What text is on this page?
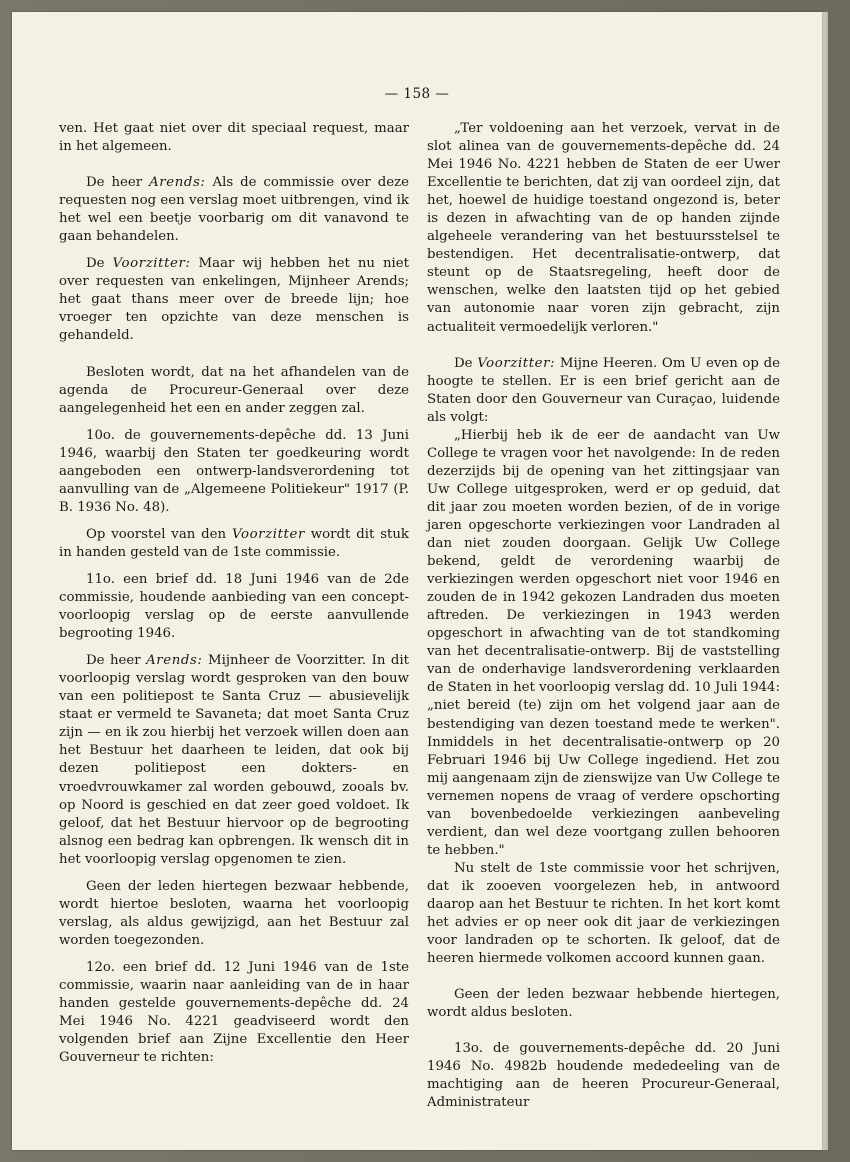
— 158 —

ven. Het gaat niet over dit speciaal request, maar in het algemeen.

De heer Arends: Als de commissie over deze requesten nog een verslag moet uitbrengen, vind ik het wel een beetje voorbarig om dit vanavond te gaan behandelen.

De Voorzitter: Maar wij hebben het nu niet over requesten van enkelingen, Mijnheer Arends; het gaat thans meer over de breede lijn; hoe vroeger ten opzichte van deze menschen is gehandeld.

Besloten wordt, dat na het afhandelen van de agenda de Procureur-Generaal over deze aangelegenheid het een en ander zeggen zal.

10o. de gouvernements-depêche dd. 13 Juni 1946, waarbij den Staten ter goedkeuring wordt aangeboden een ontwerp-landsverordening tot aanvulling van de „Algemeene Politiekeur" 1917 (P. B. 1936 No. 48).

Op voorstel van den Voorzitter wordt dit stuk in handen gesteld van de 1ste commissie.

11o. een brief dd. 18 Juni 1946 van de 2de commissie, houdende aanbieding van een concept-voorloopig verslag op de eerste aanvullende begrooting 1946.

De heer Arends: Mijnheer de Voorzitter. In dit voorloopig verslag wordt gesproken van den bouw van een politiepost te Santa Cruz — abusievelijk staat er vermeld te Savaneta; dat moet Santa Cruz zijn — en ik zou hierbij het verzoek willen doen aan het Bestuur het daarheen te leiden, dat ook bij dezen politiepost een dokters- en vroedvrouwkamer zal worden gebouwd, zooals bv. op Noord is geschied en dat zeer goed voldoet. Ik geloof, dat het Bestuur hiervoor op de begrooting alsnog een bedrag kan opbrengen. Ik wensch dit in het voorloopig verslag opgenomen te zien.

Geen der leden hiertegen bezwaar hebbende, wordt hiertoe besloten, waarna het voorloopig verslag, als aldus gewijzigd, aan het Bestuur zal worden toegezonden.

12o. een brief dd. 12 Juni 1946 van de 1ste commissie, waarin naar aanleiding van de in haar handen gestelde gouvernements-depêche dd. 24 Mei 1946 No. 4221 geadviseerd wordt den volgenden brief aan Zijne Excellentie den Heer Gouverneur te richten:

„Ter voldoening aan het verzoek, vervat in de slot alinea van de gouvernements-depêche dd. 24 Mei 1946 No. 4221 hebben de Staten de eer Uwer Excellentie te berichten, dat zij van oordeel zijn, dat het, hoewel de huidige toestand ongezond is, beter is dezen in afwachting van de op handen zijnde algeheele verandering van het bestuursstelsel te bestendigen. Het decentralisatie-ontwerp, dat steunt op de Staatsregeling, heeft door de wenschen, welke den laatsten tijd op het gebied van autonomie naar voren zijn gebracht, zijn actualiteit vermoedelijk verloren."

De Voorzitter: Mijne Heeren. Om U even op de hoogte te stellen. Er is een brief gericht aan de Staten door den Gouverneur van Curaçao, luidende als volgt:

„Hierbij heb ik de eer de aandacht van Uw College te vragen voor het navolgende: In de reden dezerzijds bij de opening van het zittingsjaar van Uw College uitgesproken, werd er op geduid, dat dit jaar zou moeten worden bezien, of de in vorige jaren opgeschorte verkiezingen voor Landraden al dan niet zouden doorgaan. Gelijk Uw College bekend, geldt de verordening waarbij de verkiezingen werden opgeschort niet voor 1946 en zouden de in 1942 gekozen Landraden dus moeten aftreden. De verkiezingen in 1943 werden opgeschort in afwachting van de tot standkoming van het decentralisatie-ontwerp. Bij de vaststelling van de onderhavige landsverordening verklaarden de Staten in het voorloopig verslag dd. 10 Juli 1944: „niet bereid (te) zijn om het volgend jaar aan de bestendiging van dezen toestand mede te werken". Inmiddels in het decentralisatie-ontwerp op 20 Februari 1946 bij Uw College ingediend. Het zou mij aangenaam zijn de zienswijze van Uw College te vernemen nopens de vraag of verdere opschorting van bovenbedoelde verkiezingen aanbeveling verdient, dan wel deze voortgang zullen behooren te hebben."

Nu stelt de 1ste commissie voor het schrijven, dat ik zooeven voorgelezen heb, in antwoord daarop aan het Bestuur te richten. In het kort komt het advies er op neer ook dit jaar de verkiezingen voor landraden op te schorten. Ik geloof, dat de heeren hiermede volkomen accoord kunnen gaan.

Geen der leden bezwaar hebbende hiertegen, wordt aldus besloten.

13o. de gouvernements-depêche dd. 20 Juni 1946 No. 4982b houdende mededeeling van de machtiging aan de heeren Procureur-Generaal, Administrateur
